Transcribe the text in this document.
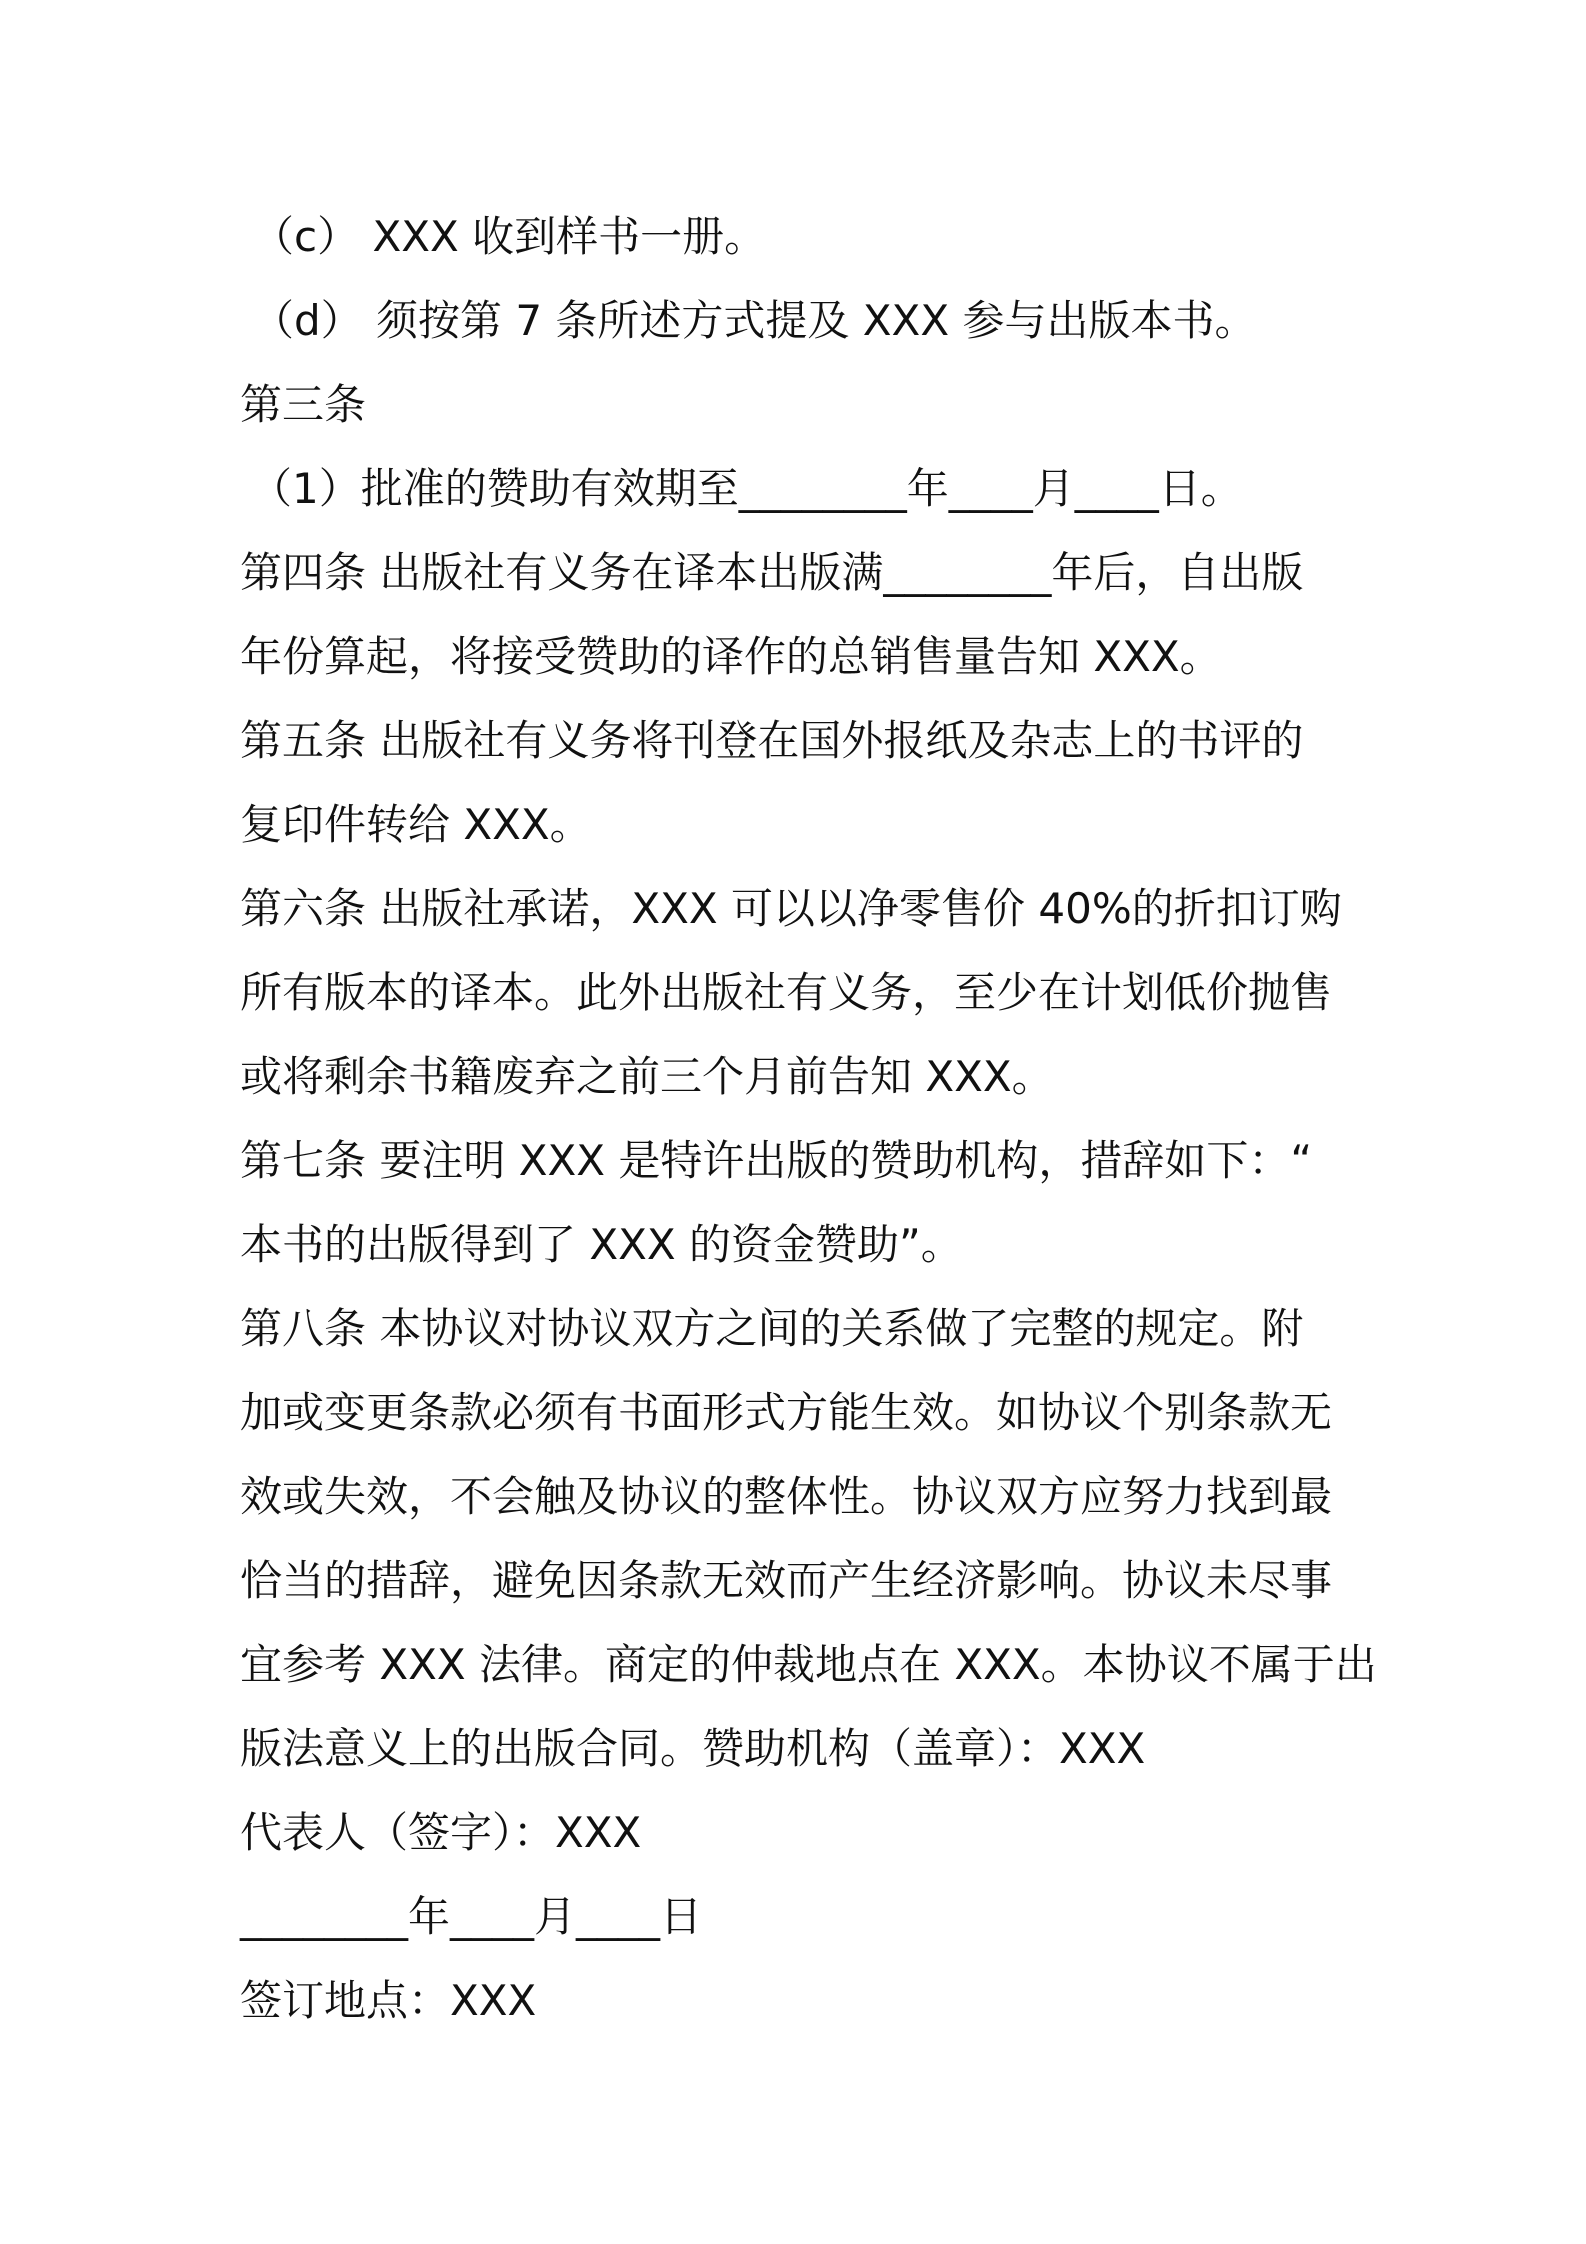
（c） XXX 收到样书一册。
（d） 须按第 7 条所述方式提及 XXX 参与出版本书。
第三条
（1）批准的赞助有效期至________年____月____日。
第四条 出版社有义务在译本出版满________年后，自出版
年份算起，将接受赞助的译作的总销售量告知 XXX。
第五条 出版社有义务将刊登在国外报纸及杂志上的书评的
复印件转给 XXX。
第六条 出版社承诺，XXX 可以以净零售价 40%的折扣订购
所有版本的译本。此外出版社有义务，至少在计划低价抛售
或将剩余书籍废弃之前三个月前告知 XXX。
第七条 要注明 XXX 是特许出版的赞助机构，措辞如下：“
本书的出版得到了 XXX 的资金赞助”。
第八条 本协议对协议双方之间的关系做了完整的规定。附
加或变更条款必须有书面形式方能生效。如协议个别条款无
效或失效，不会触及协议的整体性。协议双方应努力找到最
恰当的措辞，避免因条款无效而产生经济影响。协议未尽事
宜参考 XXX 法律。商定的仲裁地点在 XXX。本协议不属于出
版法意义上的出版合同。赞助机构（盖章）：XXX
代表人（签字）：XXX
________年____月____日
签订地点：XXX
